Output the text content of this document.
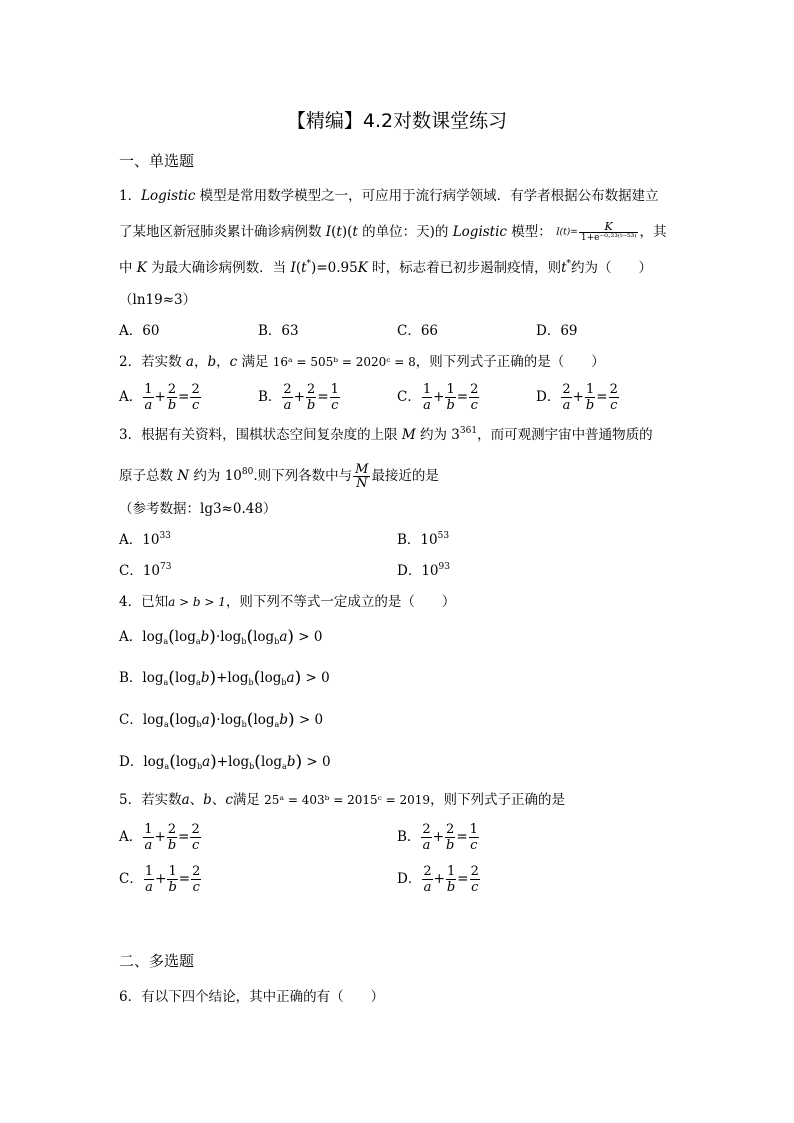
【精编】4.2对数课堂练习
一、单选题
1．Logistic 模型是常用数学模型之一，可应用于流行病学领域．有学者根据公布数据建立
了某地区新冠肺炎累计确诊病例数 I(t)(t 的单位：天)的 Logistic 模型： $I(t)= \frac{K}{\text{1+e⁻⁰·²³⁽ᵗ⁻⁵³⁾}}$ ，其
中 K 为最大确诊病例数．当 I(t*)=0.95K 时，标志着已初步遏制疫情，则t*约为（　　）
（ln19≈3）
A．60	B．63	C．66	D．69
2．若实数 a，b，c 满足 16ᵃ = 505ᵇ = 2020ᶜ = 8，则下列式子正确的是（　　）
A． $\frac{1}{a} + \frac{2}{b} = \frac{2}{c}$	B． $\frac{2}{a} + \frac{2}{b} = \frac{1}{c}$	C． $\frac{1}{a} + \frac{1}{b} = \frac{2}{c}$	D． $\frac{2}{a} + \frac{1}{b} = \frac{2}{c}$
3．根据有关资料，围棋状态空间复杂度的上限 M 约为 $3^{361}$，而可观测宇宙中普通物质的
原子总数 N 约为 $10^{80}$.则下列各数中与 $\frac{M}{N}$ 最接近的是
（参考数据：lg3≈0.48）
A．$10^{33}$	B．$10^{53}$
C．$10^{73}$	D．$10^{93}$
4．已知a > b > 1，则下列不等式一定成立的是（　　）
A．$\log_a(\log_ab)\cdot\log_b(\log_ba) > 0$
B．$\log_a(\log_ab)+\log_b(\log_ba) > 0$
C．$\log_a(\log_ba)\cdot\log_b(\log_ab) > 0$
D．$\log_a(\log_ba)+\log_b(\log_ab) > 0$
5．若实数a、b、c满足 25ᵃ = 403ᵇ = 2015ᶜ = 2019，则下列式子正确的是
A． $\frac{1}{a} + \frac{2}{b} = \frac{2}{c}$	B． $\frac{2}{a} + \frac{2}{b} = \frac{1}{c}$
C． $\frac{1}{a} + \frac{1}{b} = \frac{2}{c}$	D． $\frac{2}{a} + \frac{1}{b} = \frac{2}{c}$
二、多选题
6．有以下四个结论，其中正确的有（　　）
